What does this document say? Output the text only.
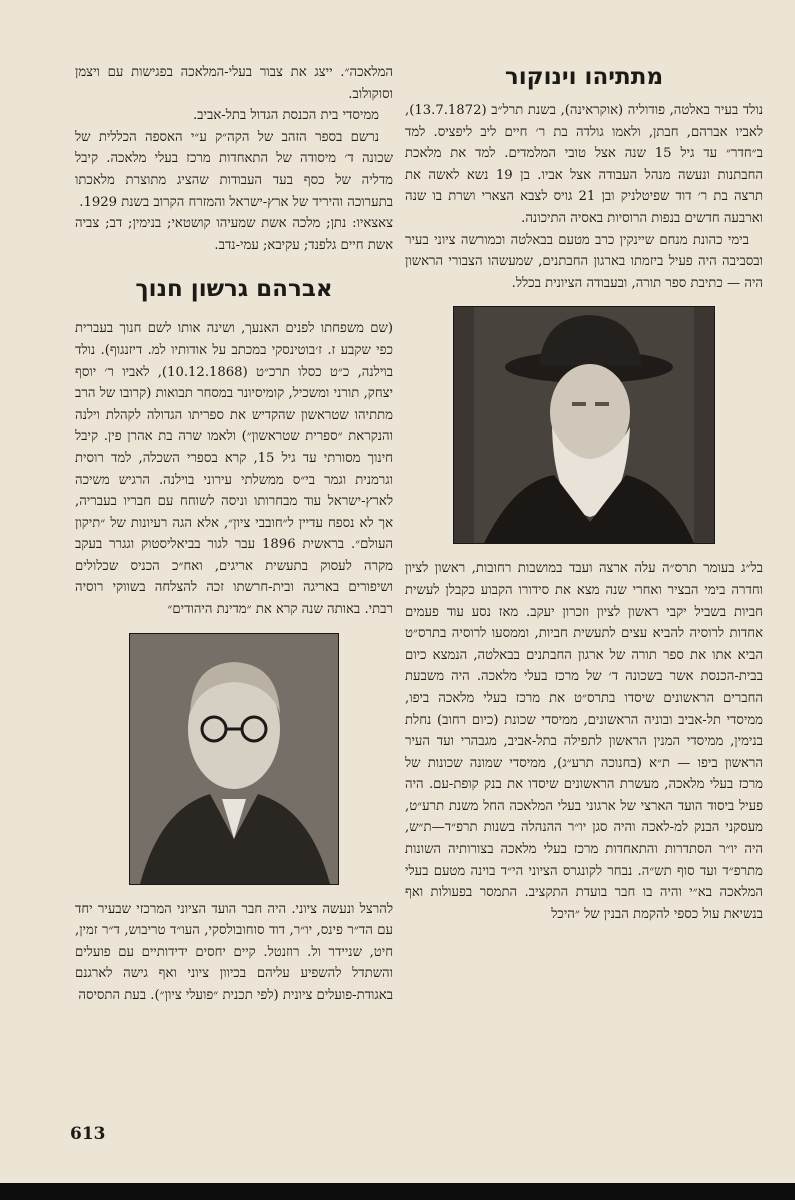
מתתיהו וינוקור

נולד בעיר באלטה, פודוליה (אוקראינה), בשנת תרל״ב (13.7.1872), לאביו אברהם, חבתן, ולאמו גולדה בת ר׳ חיים ליב ליפציס. למד ב״חדר״ עד גיל 15 שנה אצל טובי המלמדים. למד את מלאכת החבתנות ונעשה מנהל העבודה אצל אביו. בן 19 נשא לאשה את תרצה בת ר׳ דוד שפיטלניק ובן 21 גויס לצבא הצארי ושרת בו שנה וארבעה חדשים בנפות הרוסיות באסיה התיכונה.

בימי כהונת מנחם שיינקין כרב מטעם בבאלטה וכמורשה ציוני בעיר ובסביבה היה פעיל ביזמתו בארגון החבתנים, שמעשהו הצבורי הראשון היה — כתיבת ספר תורה, ובעבודה הציונית בכלל.

בל״ג בעומר תרס״ה עלה ארצה ועבד במושבות רחובות, ראשון לציון וחדרה בימי הבציר ואחרי שנה מצא את סידורו הקבוע כקבלן לעשית חביות בשביל יקבי ראשון לציון וזכרון יעקב. מאז נסע עוד פעמים אחדות לרוסיה להביא עצים לתעשית חביות, וממסעו לרוסיה בתרס״ט הביא אתו את ספר תורה של ארגון החבתנים בבאלטה, הנמצא כיום בבית-הכנסת אשר בשכונה ד׳ של מרכז בעלי מלאכה. היה משבעת החברים הראשונים שיסדו בתרס״ט את מרכז בעלי מלאכה ביפו, ממיסדי תל-אביב ובוניה הראשונים, ממיסדי שכונת (כיום רחוב) נחלת בנימין, ממיסדי המנין הראשון לתפילה בתל-אביב, מגבהרי ועד העיר הראשון ביפו — ת״א (בחנוכה תרע״ג), ממיסדי שמונה שכונות של מרכז בעלי מלאכה, מעשרת הראשונים שיסדו את בנק קופת-עם. היה פעיל ביסוד הועד הארצי של ארגוני בעלי המלאכה החל משנת תרע״ט, מעסקני הבנק למ-לאכה והיה סגן יו״ר ההנהלה בשנות תרפ״ד—ת״ש, היה יו״ר הסתדרות והתאחדות מרכז בעלי מלאכה בצורותיה השונות מתרפ״ד ועד סוף תש״ה. נבחר לקונגרס הציוני הי״ד בוינה מטעם בעלי המלאכה בא״י והיה בו חבר בועדת התקציב. התמסר בפעולות ואף בנשיאת עול כספי להקמת הבנין של ״היכל

המלאכה״. ייצג את צבור בעלי-המלאכה בפגישות עם ויצמן וסוקולוב.

ממיסדי בית הכנסת הגדול בתל-אביב.

נרשם בספר הזהב של הקה״ק ע״י האספה הכללית של שכונה ד׳ מיסודה של התאחדות מרכז בעלי מלאכה. קיבל מדליה של כסף בעד העבודות שהציג מתוצרת מלאכתו בתערוכה והיריד של ארץ-ישראל והמזרח הקרוב בשנת 1929.

צאצאיו: נתן; מלכה אשת שמעיהו קושטאי; בנימין; דב; צביה אשת חיים גלפנד; עקיבא; עמי-נדב.

אברהם גרשון חנוך

(שם משפחתו לפנים האנעך, ושינה אותו לשם חנוך בעברית כפי שקבע ז. ז׳בוטינסקי במכתב על אודותיו למ. דיזנגוף). נולד בוילנה, כ״ט כסלו תרכ״ט (10.12.1868), לאביו ר׳ יוסף יצחק, תורני ומשכיל, קומיסיונר במסחר תבואות (קרובו של הרב מתתיהו שטראשון שהקדיש את ספריתו הגדולה לקהלת וילנה והנקראת ״ספרית שטראשון״) ולאמו שרה בת אהרן פין. קיבל חינוך מסורתי עד גיל 15, קרא בספרי השכלה, למד רוסית וגרמנית וגמר בי״ס ממשלתי עירוני בוילנה. הרגיש משיכה לארץ-ישראל עוד מבחרותו וניסה לשוחח עם חבריו בעבריה, אך לא נספח עדיין ל״חובבי ציון״, אלא הגה רעיונות של ״תיקון העולם״. בראשית 1896 עבר לגור בביאליסטוק וגגרר בעקב מקרה לעסוק בתעשית אריגים, ואח״כ הכניס שכלולים ושיפורים באריגה ובית-חרשתו זכה להצלחה בשווקי רוסיה רבתי. באותה שנה קרא את ״מדינת היהודים״

להרצל ונעשה ציוני. היה חבר הועד הציוני המרכזי שבעיר יחד עם הד״ר פינס, יו״ר, דוד סוחובולסקי, העו״ד טריבוש, ד״ר זמין, חיט, שניידר ול. רוזנטל. קיים יחסים ידידותיים עם פועלים והשתדל להשפיע עליהם בכיוון ציוני ואף גישה לארגנם באגודת-פועלים ציונית (לפי תכנית ״פועלי ציון״). בעת התסיסה

613
